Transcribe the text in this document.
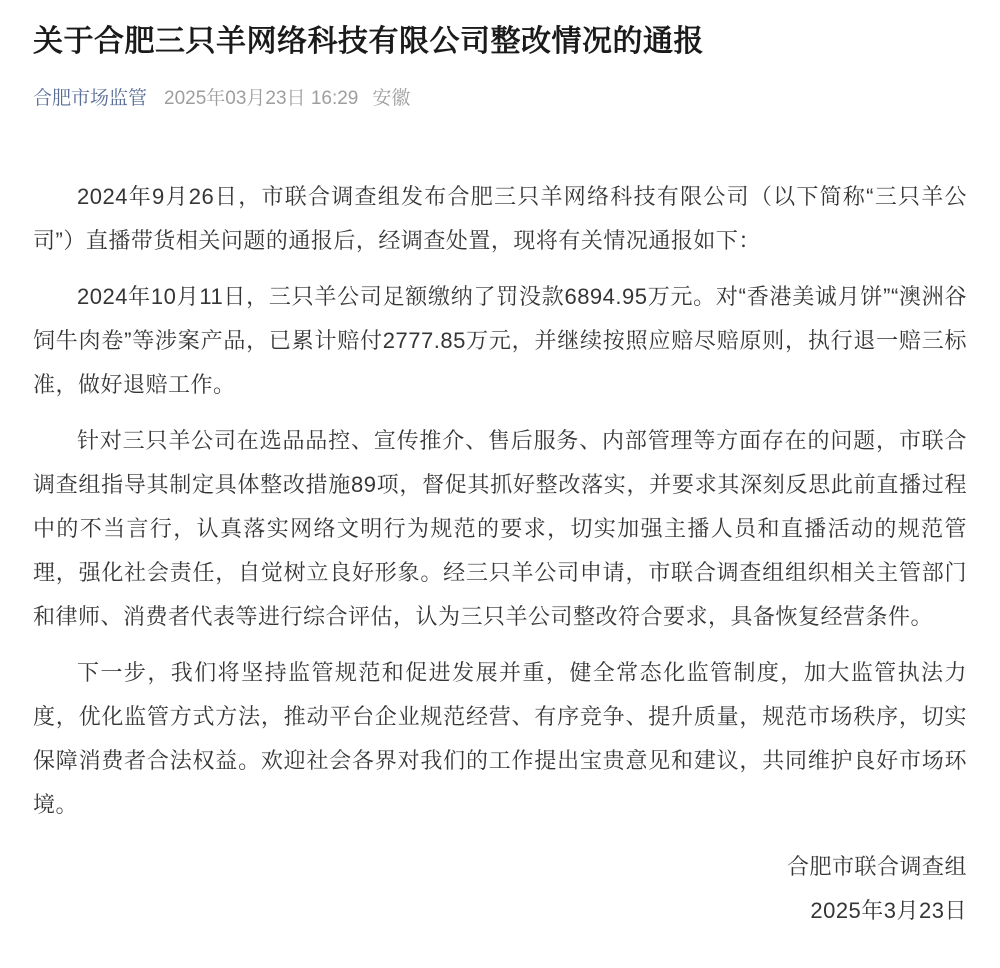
关于合肥三只羊网络科技有限公司整改情况的通报
合肥市场监管 2025年03月23日 16:29 安徽

2024年9月26日，市联合调查组发布合肥三只羊网络科技有限公司（以下简称“三只羊公司”）直播带货相关问题的通报后，经调查处置，现将有关情况通报如下：

2024年10月11日，三只羊公司足额缴纳了罚没款6894.95万元。对“香港美诚月饼”“澳洲谷饲牛肉卷”等涉案产品，已累计赔付2777.85万元，并继续按照应赔尽赔原则，执行退一赔三标准，做好退赔工作。

针对三只羊公司在选品品控、宣传推介、售后服务、内部管理等方面存在的问题，市联合调查组指导其制定具体整改措施89项，督促其抓好整改落实，并要求其深刻反思此前直播过程中的不当言行，认真落实网络文明行为规范的要求，切实加强主播人员和直播活动的规范管理，强化社会责任，自觉树立良好形象。经三只羊公司申请，市联合调查组组织相关主管部门和律师、消费者代表等进行综合评估，认为三只羊公司整改符合要求，具备恢复经营条件。

下一步，我们将坚持监管规范和促进发展并重，健全常态化监管制度，加大监管执法力度，优化监管方式方法，推动平台企业规范经营、有序竞争、提升质量，规范市场秩序，切实保障消费者合法权益。欢迎社会各界对我们的工作提出宝贵意见和建议，共同维护良好市场环境。

合肥市联合调查组
2025年3月23日
